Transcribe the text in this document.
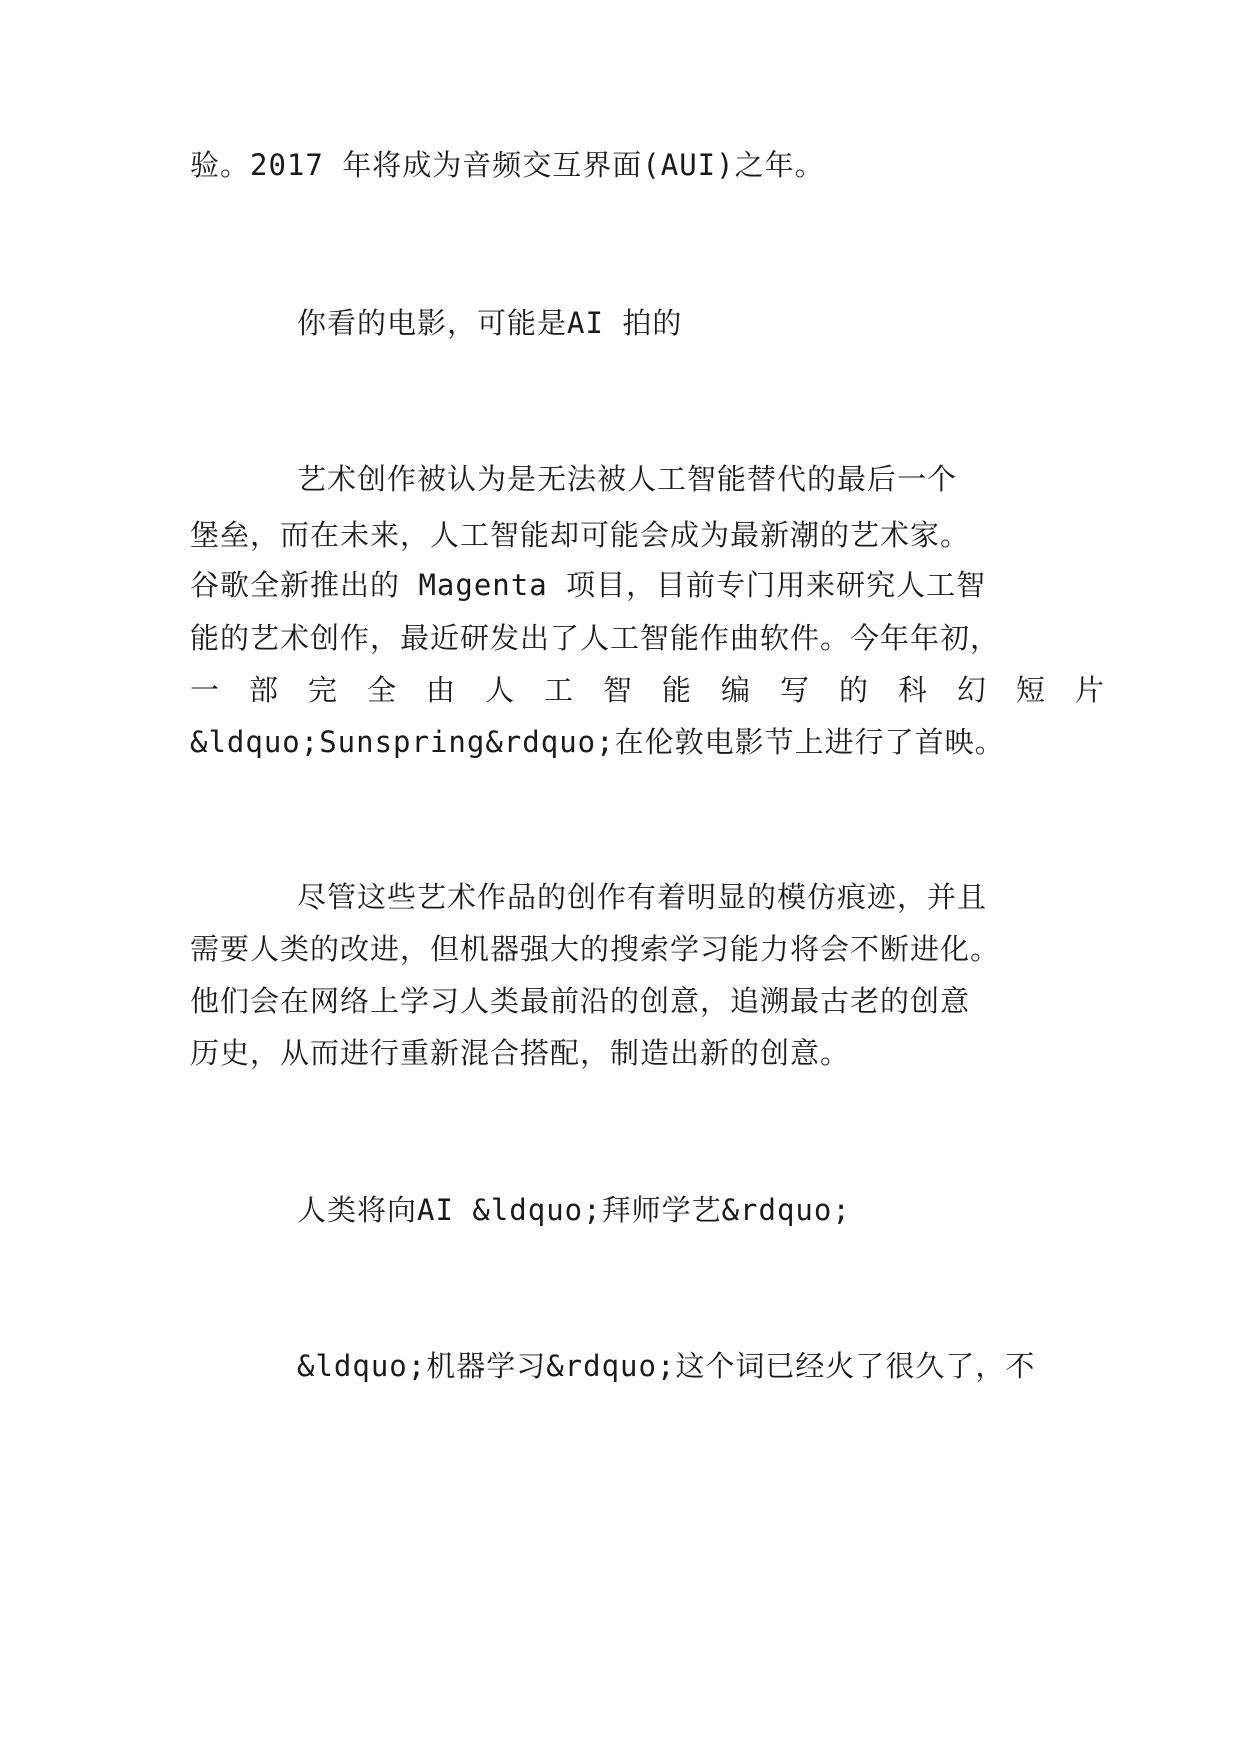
验。2017 年将成为音频交互界面(AUI)之年。
你看的电影，可能是AI 拍的
艺术创作被认为是无法被人工智能替代的最后一个
堡垒，而在未来，人工智能却可能会成为最新潮的艺术家。
谷歌全新推出的 Magenta 项目，目前专门用来研究人工智
能的艺术创作，最近研发出了人工智能作曲软件。今年年初，
一部完全由人工智能编写的科幻短片
&ldquo;Sunspring&rdquo;在伦敦电影节上进行了首映。
尽管这些艺术作品的创作有着明显的模仿痕迹，并且
需要人类的改进，但机器强大的搜索学习能力将会不断进化。
他们会在网络上学习人类最前沿的创意，追溯最古老的创意
历史，从而进行重新混合搭配，制造出新的创意。
人类将向AI &ldquo;拜师学艺&rdquo;
&ldquo;机器学习&rdquo;这个词已经火了很久了，不
